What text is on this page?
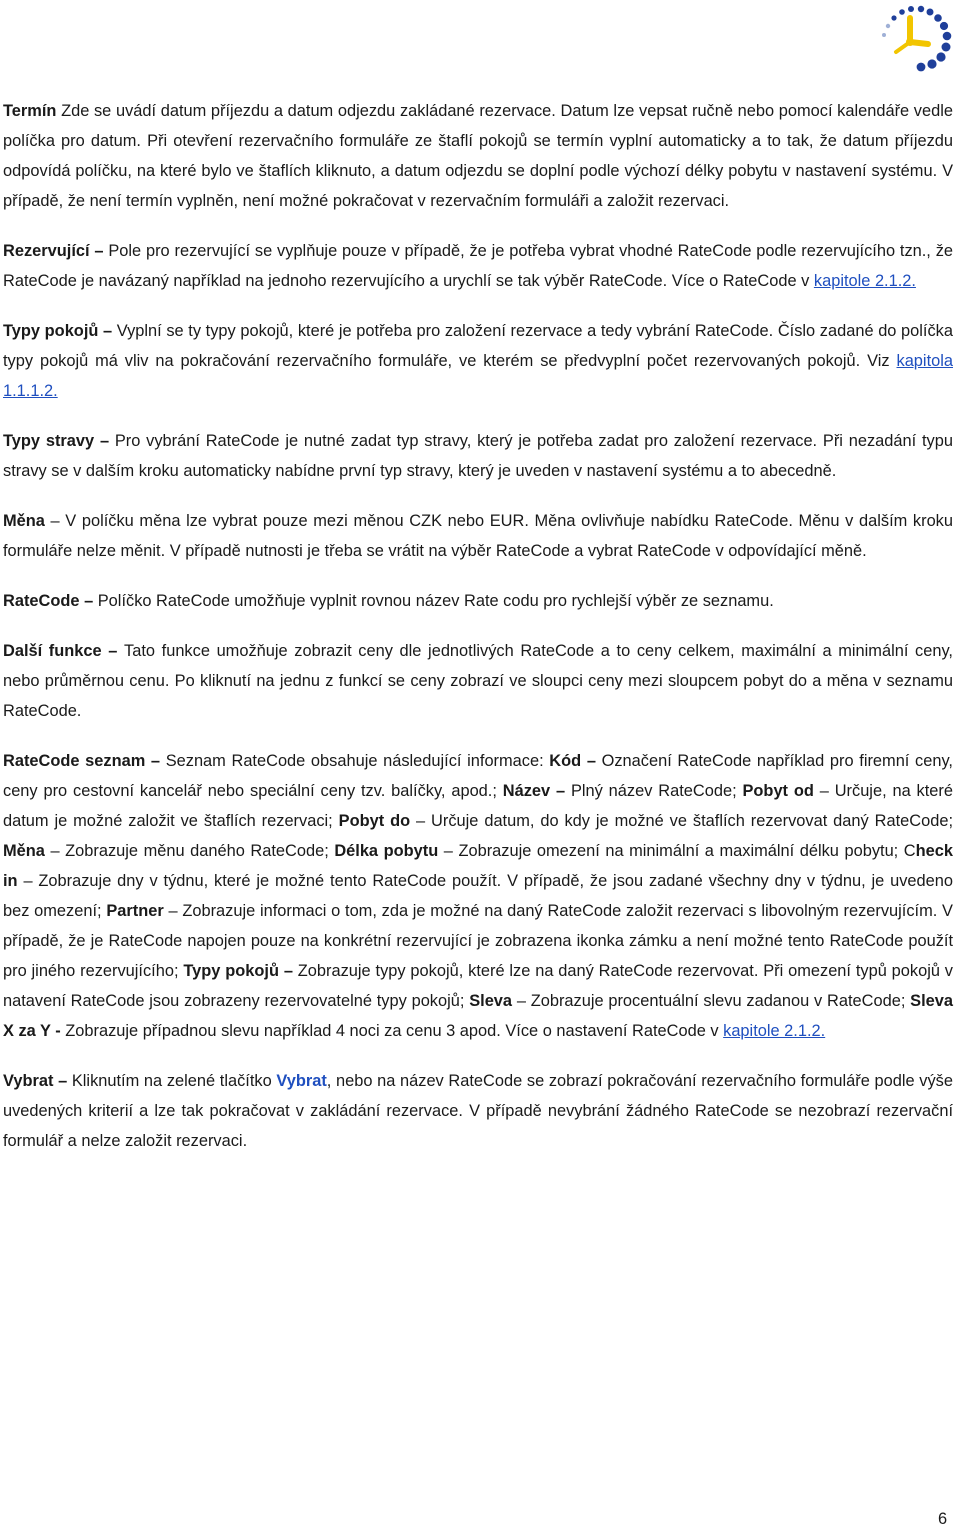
Termín Zde se uvádí datum příjezdu a datum odjezdu zakládané rezervace. Datum lze vepsat ručně nebo pomocí kalendáře vedle políčka pro datum. Při otevření rezervačního formuláře ze štaflí pokojů se termín vyplní automaticky a to tak, že datum příjezdu odpovídá políčku, na které bylo ve štaflích kliknuto, a datum odjezdu se doplní podle výchozí délky pobytu v nastavení systému. V případě, že není termín vyplněn, není možné pokračovat v rezervačním formuláři a založit rezervaci.

Rezervující – Pole pro rezervující se vyplňuje pouze v případě, že je potřeba vybrat vhodné RateCode podle rezervujícího tzn., že RateCode je navázaný například na jednoho rezervujícího a urychlí se tak výběr RateCode. Více o RateCode v kapitole 2.1.2.

Typy pokojů – Vyplní se ty typy pokojů, které je potřeba pro založení rezervace a tedy vybrání RateCode. Číslo zadané do políčka typy pokojů má vliv na pokračování rezervačního formuláře, ve kterém se předvyplní počet rezervovaných pokojů. Viz kapitola 1.1.1.2.

Typy stravy – Pro vybrání RateCode je nutné zadat typ stravy, který je potřeba zadat pro založení rezervace. Při nezadání typu stravy se v dalším kroku automaticky nabídne první typ stravy, který je uveden v nastavení systému a to abecedně.

Měna – V políčku měna lze vybrat pouze mezi měnou CZK nebo EUR. Měna ovlivňuje nabídku RateCode. Měnu v dalším kroku formuláře nelze měnit. V případě nutnosti je třeba se vrátit na výběr RateCode a vybrat RateCode v odpovídající měně.

RateCode – Políčko RateCode umožňuje vyplnit rovnou název Rate codu pro rychlejší výběr ze seznamu.

Další funkce – Tato funkce umožňuje zobrazit ceny dle jednotlivých RateCode a to ceny celkem, maximální a minimální ceny, nebo průměrnou cenu. Po kliknutí na jednu z funkcí se ceny zobrazí ve sloupci ceny mezi sloupcem pobyt do a měna v seznamu RateCode.

RateCode seznam – Seznam RateCode obsahuje následující informace: Kód – Označení RateCode například pro firemní ceny, ceny pro cestovní kancelář nebo speciální ceny tzv. balíčky, apod.; Název – Plný název RateCode; Pobyt od – Určuje, na které datum je možné založit ve štaflích rezervaci; Pobyt do – Určuje datum, do kdy je možné ve štaflích rezervovat daný RateCode; Měna – Zobrazuje měnu daného RateCode; Délka pobytu – Zobrazuje omezení na minimální a maximální délku pobytu; Check in – Zobrazuje dny v týdnu, které je možné tento RateCode použít. V případě, že jsou zadané všechny dny v týdnu, je uvedeno bez omezení; Partner – Zobrazuje informaci o tom, zda je možné na daný RateCode založit rezervaci s libovolným rezervujícím. V případě, že je RateCode napojen pouze na konkrétní rezervující je zobrazena ikonka zámku a není možné tento RateCode použít pro jiného rezervujícího; Typy pokojů – Zobrazuje typy pokojů, které lze na daný RateCode rezervovat. Při omezení typů pokojů v natavení RateCode jsou zobrazeny rezervovatelné typy pokojů; Sleva – Zobrazuje procentuální slevu zadanou v RateCode; Sleva X za Y - Zobrazuje případnou slevu například 4 noci za cenu 3 apod. Více o nastavení RateCode v kapitole 2.1.2.

Vybrat – Kliknutím na zelené tlačítko Vybrat, nebo na název RateCode se zobrazí pokračování rezervačního formuláře podle výše uvedených kriterií a lze tak pokračovat v zakládání rezervace. V případě nevybrání žádného RateCode se nezobrazí rezervační formulář a nelze založit rezervaci.

6
